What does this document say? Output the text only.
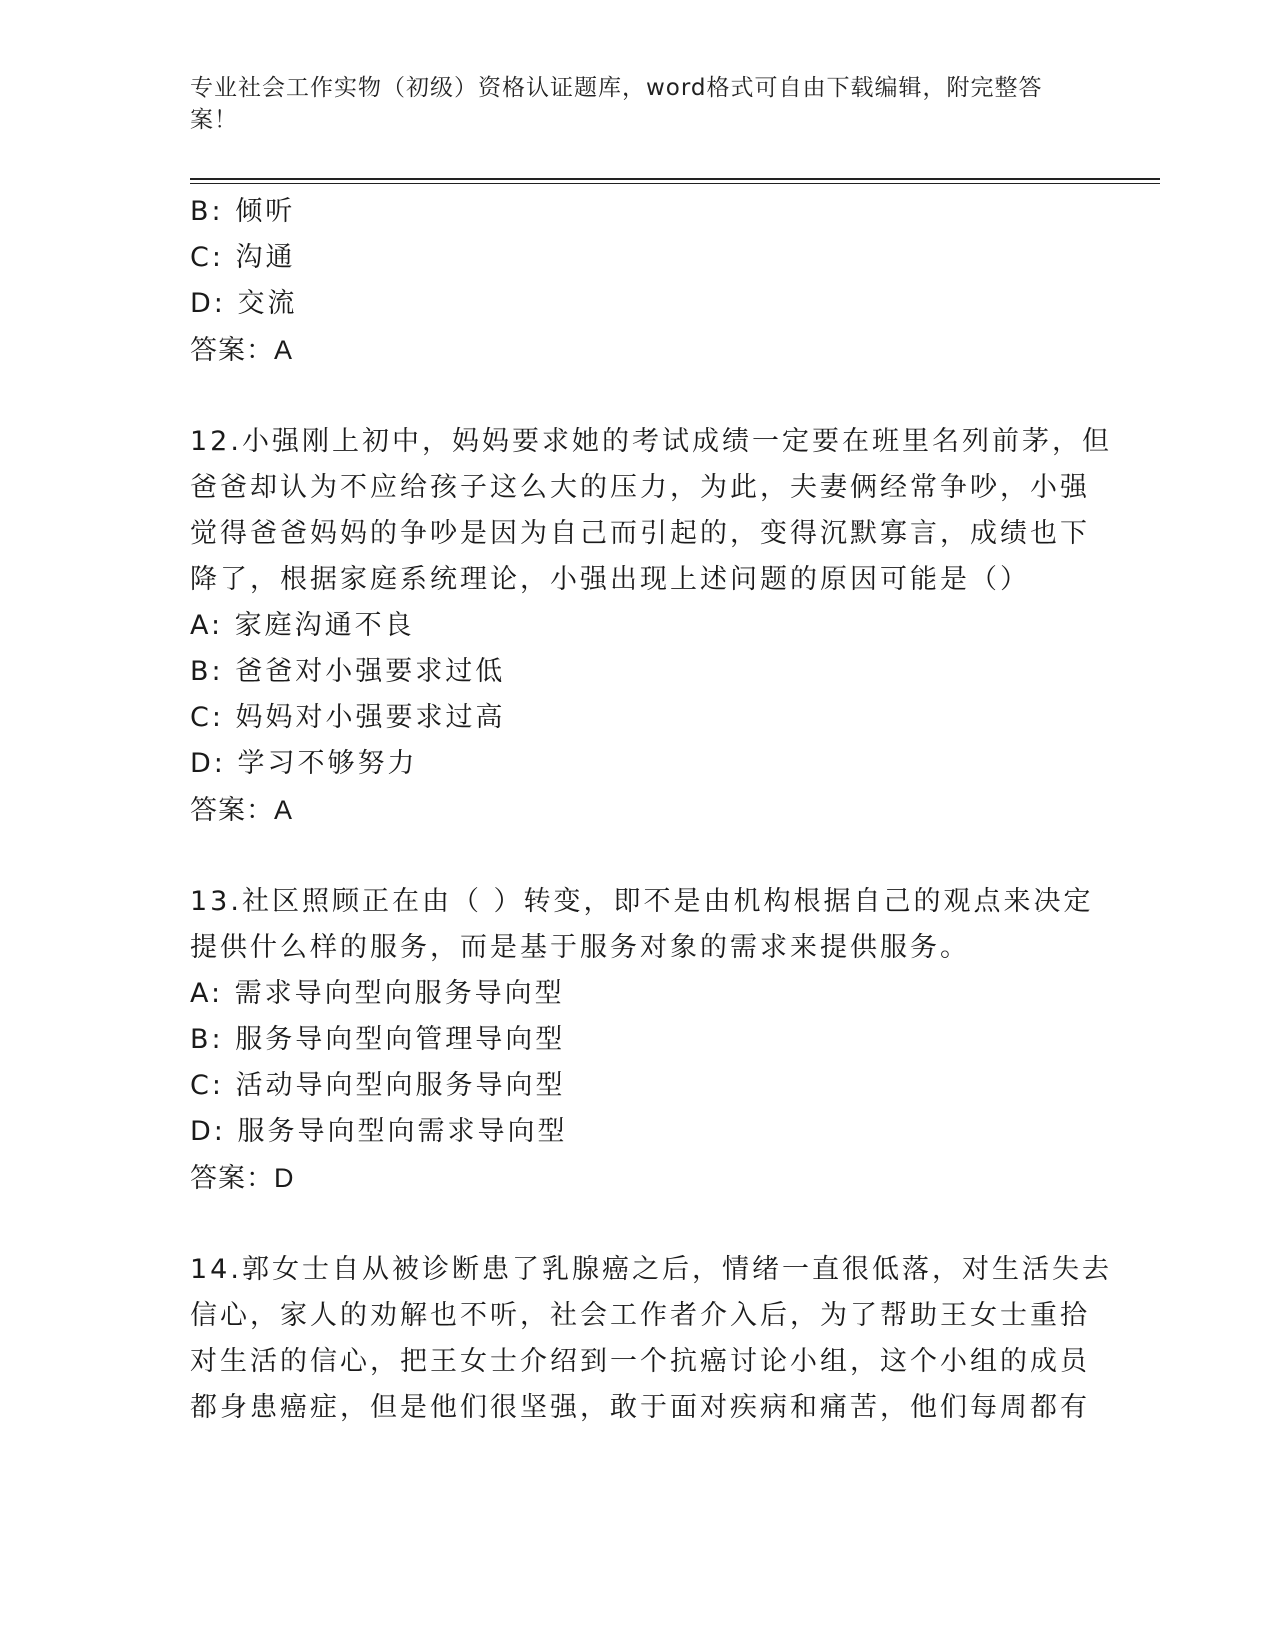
专业社会工作实物（初级）资格认证题库，word格式可自由下载编辑，附完整答
案！
B: 倾听
C: 沟通
D: 交流
答案：A
12.小强刚上初中，妈妈要求她的考试成绩一定要在班里名列前茅，但
爸爸却认为不应给孩子这么大的压力，为此，夫妻俩经常争吵，小强
觉得爸爸妈妈的争吵是因为自己而引起的，变得沉默寡言，成绩也下
降了，根据家庭系统理论，小强出现上述问题的原因可能是（）
A: 家庭沟通不良
B: 爸爸对小强要求过低
C: 妈妈对小强要求过高
D: 学习不够努力
答案：A
13.社区照顾正在由（ ）转变，即不是由机构根据自己的观点来决定
提供什么样的服务，而是基于服务对象的需求来提供服务。
A: 需求导向型向服务导向型
B: 服务导向型向管理导向型
C: 活动导向型向服务导向型
D: 服务导向型向需求导向型
答案：D
14.郭女士自从被诊断患了乳腺癌之后，情绪一直很低落，对生活失去
信心，家人的劝解也不听，社会工作者介入后，为了帮助王女士重拾
对生活的信心，把王女士介绍到一个抗癌讨论小组，这个小组的成员
都身患癌症，但是他们很坚强，敢于面对疾病和痛苦，他们每周都有
